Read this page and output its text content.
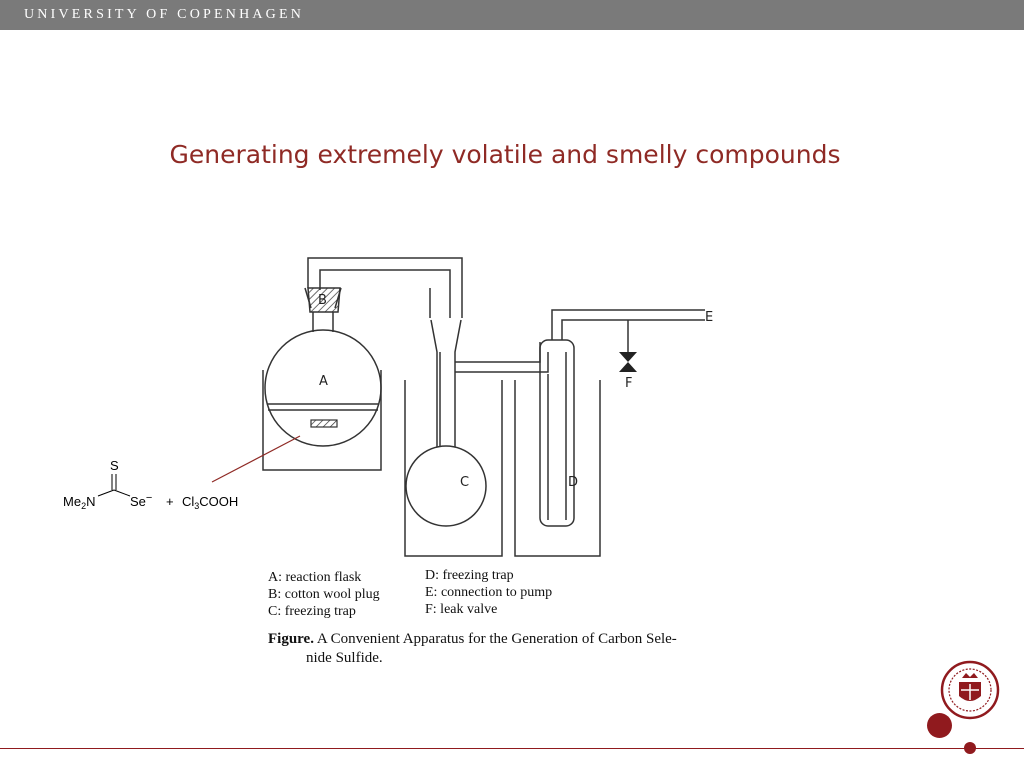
UNIVERSITY OF COPENHAGEN
Generating extremely volatile and smelly compounds
B
A
C	D
E
F
S
$Me_2N$	$Se^- + Cl_3COOH$
A: reaction flask
B: cotton wool plug
C: freezing trap
D: freezing trap
E: connection to pump
F: leak valve
Figure. A Convenient Apparatus for the Generation of Carbon Sele-
nide Sulfide.
